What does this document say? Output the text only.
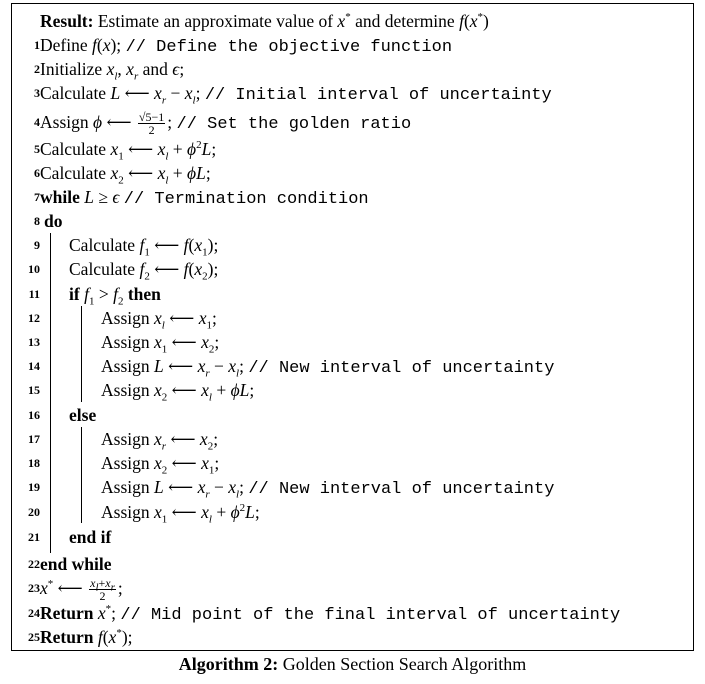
Result: Estimate an approximate value of x* and determine f(x*)
1 Define f(x); // Define the objective function
2 Initialize $x_l$, $x_r$ and ϵ;
3 Calculate L ⟵ $x_r - x_l$; // Initial interval of uncertainty
4 Assign ϕ ⟵ $\frac{√5-1}{2}$ ; // Set the golden ratio
5 Calculate $x_1$ ⟵ $x_l + \phi^2L$;
6 Calculate $x_2$ ⟵ $x_l + \phi L$;
7 while L ≥ ϵ // Termination condition
8 do
9 Calculate $f_1$ ⟵ $f(x_1)$;
10 Calculate $f_2$ ⟵ $f(x_2)$;
11 if $f_1 > f_2$ then
12	Assign $x_l$ ⟵ $x_1$;
13	Assign $x_1$ ⟵ $x_2$;
14	Assign L ⟵ $x_r - x_l$; // New interval of uncertainty
15	Assign $x_2$ ⟵ $x_l + \phi L$;
16 else
17	Assign $x_r$ ⟵ $x_2$;
18	Assign $x_2$ ⟵ $x_1$;
19	Assign L ⟵ $x_r - x_l$; // New interval of uncertainty
20	Assign $x_1$ ⟵ $x_l + \phi^2L$;
21 end if
22 end while
23 x* ⟵ $\frac{x_l+x_r}{2}$ ;
24 Return x*; // Mid point of the final interval of uncertainty
25 Return f(x*);
Algorithm 2: Golden Section Search Algorithm
